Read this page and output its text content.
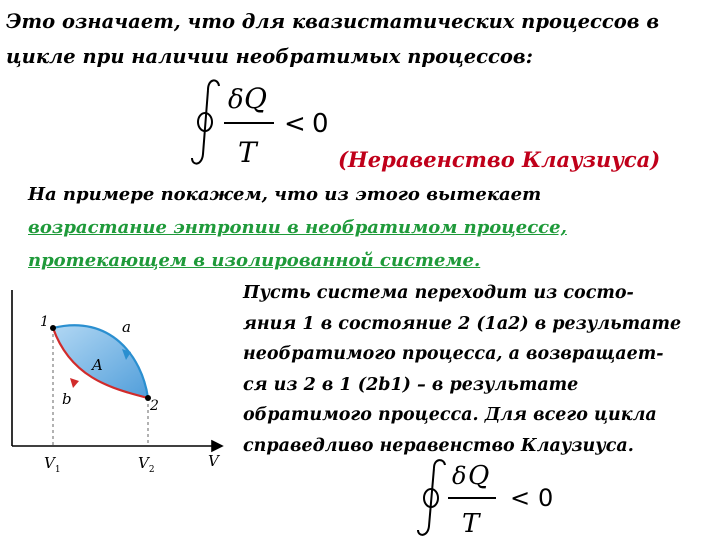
Это означает, что для квазистатических процессов в
цикле при наличии необратимых процессов:
δ Q
T
< 0
(Неравенство Клаузиуса)
На примере покажем, что из этого вытекает
возрастание энтропии в необратимом процессе,
протекающем в изолированной системе.
1
2
a
b
A
V
$V_1$	$V_2$
Пусть система переходит из состо-
яния 1 в состояние 2 (1а2) в результате
необратимого процесса, а возвращает-
ся из 2 в 1 (2b1) – в результате
обратимого процесса. Для всего цикла
справедливо неравенство Клаузиуса.
δ Q
T
< 0
